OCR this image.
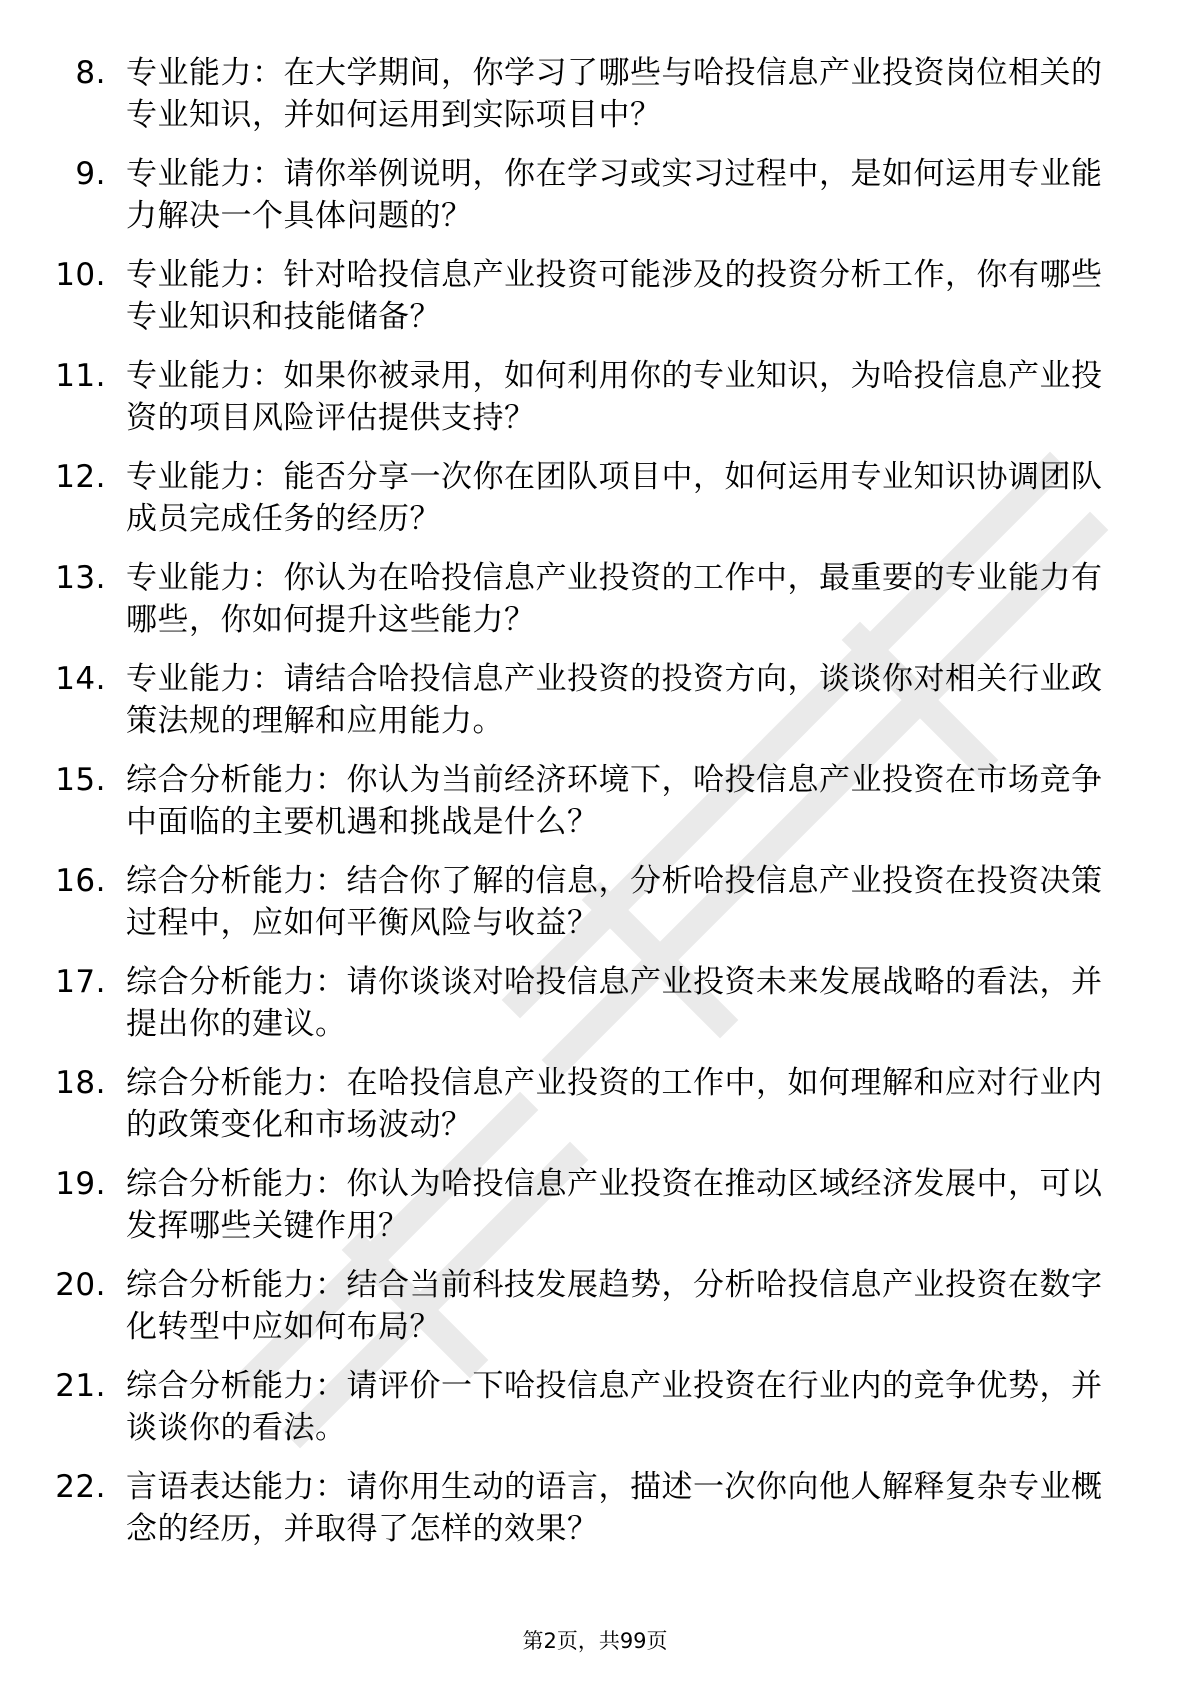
8. 专业能力：在大学期间，你学习了哪些与哈投信息产业投资岗位相关的专业知识，并如何运用到实际项目中？
9. 专业能力：请你举例说明，你在学习或实习过程中，是如何运用专业能力解决一个具体问题的？
10. 专业能力：针对哈投信息产业投资可能涉及的投资分析工作，你有哪些专业知识和技能储备？
11. 专业能力：如果你被录用，如何利用你的专业知识，为哈投信息产业投资的项目风险评估提供支持？
12. 专业能力：能否分享一次你在团队项目中，如何运用专业知识协调团队成员完成任务的经历？
13. 专业能力：你认为在哈投信息产业投资的工作中，最重要的专业能力有哪些，你如何提升这些能力？
14. 专业能力：请结合哈投信息产业投资的投资方向，谈谈你对相关行业政策法规的理解和应用能力。
15. 综合分析能力：你认为当前经济环境下，哈投信息产业投资在市场竞争中面临的主要机遇和挑战是什么？
16. 综合分析能力：结合你了解的信息，分析哈投信息产业投资在投资决策过程中，应如何平衡风险与收益？
17. 综合分析能力：请你谈谈对哈投信息产业投资未来发展战略的看法，并提出你的建议。
18. 综合分析能力：在哈投信息产业投资的工作中，如何理解和应对行业内的政策变化和市场波动？
19. 综合分析能力：你认为哈投信息产业投资在推动区域经济发展中，可以发挥哪些关键作用？
20. 综合分析能力：结合当前科技发展趋势，分析哈投信息产业投资在数字化转型中应如何布局？
21. 综合分析能力：请评价一下哈投信息产业投资在行业内的竞争优势，并谈谈你的看法。
22. 言语表达能力：请你用生动的语言，描述一次你向他人解释复杂专业概念的经历，并取得了怎样的效果？
第2页，共99页
